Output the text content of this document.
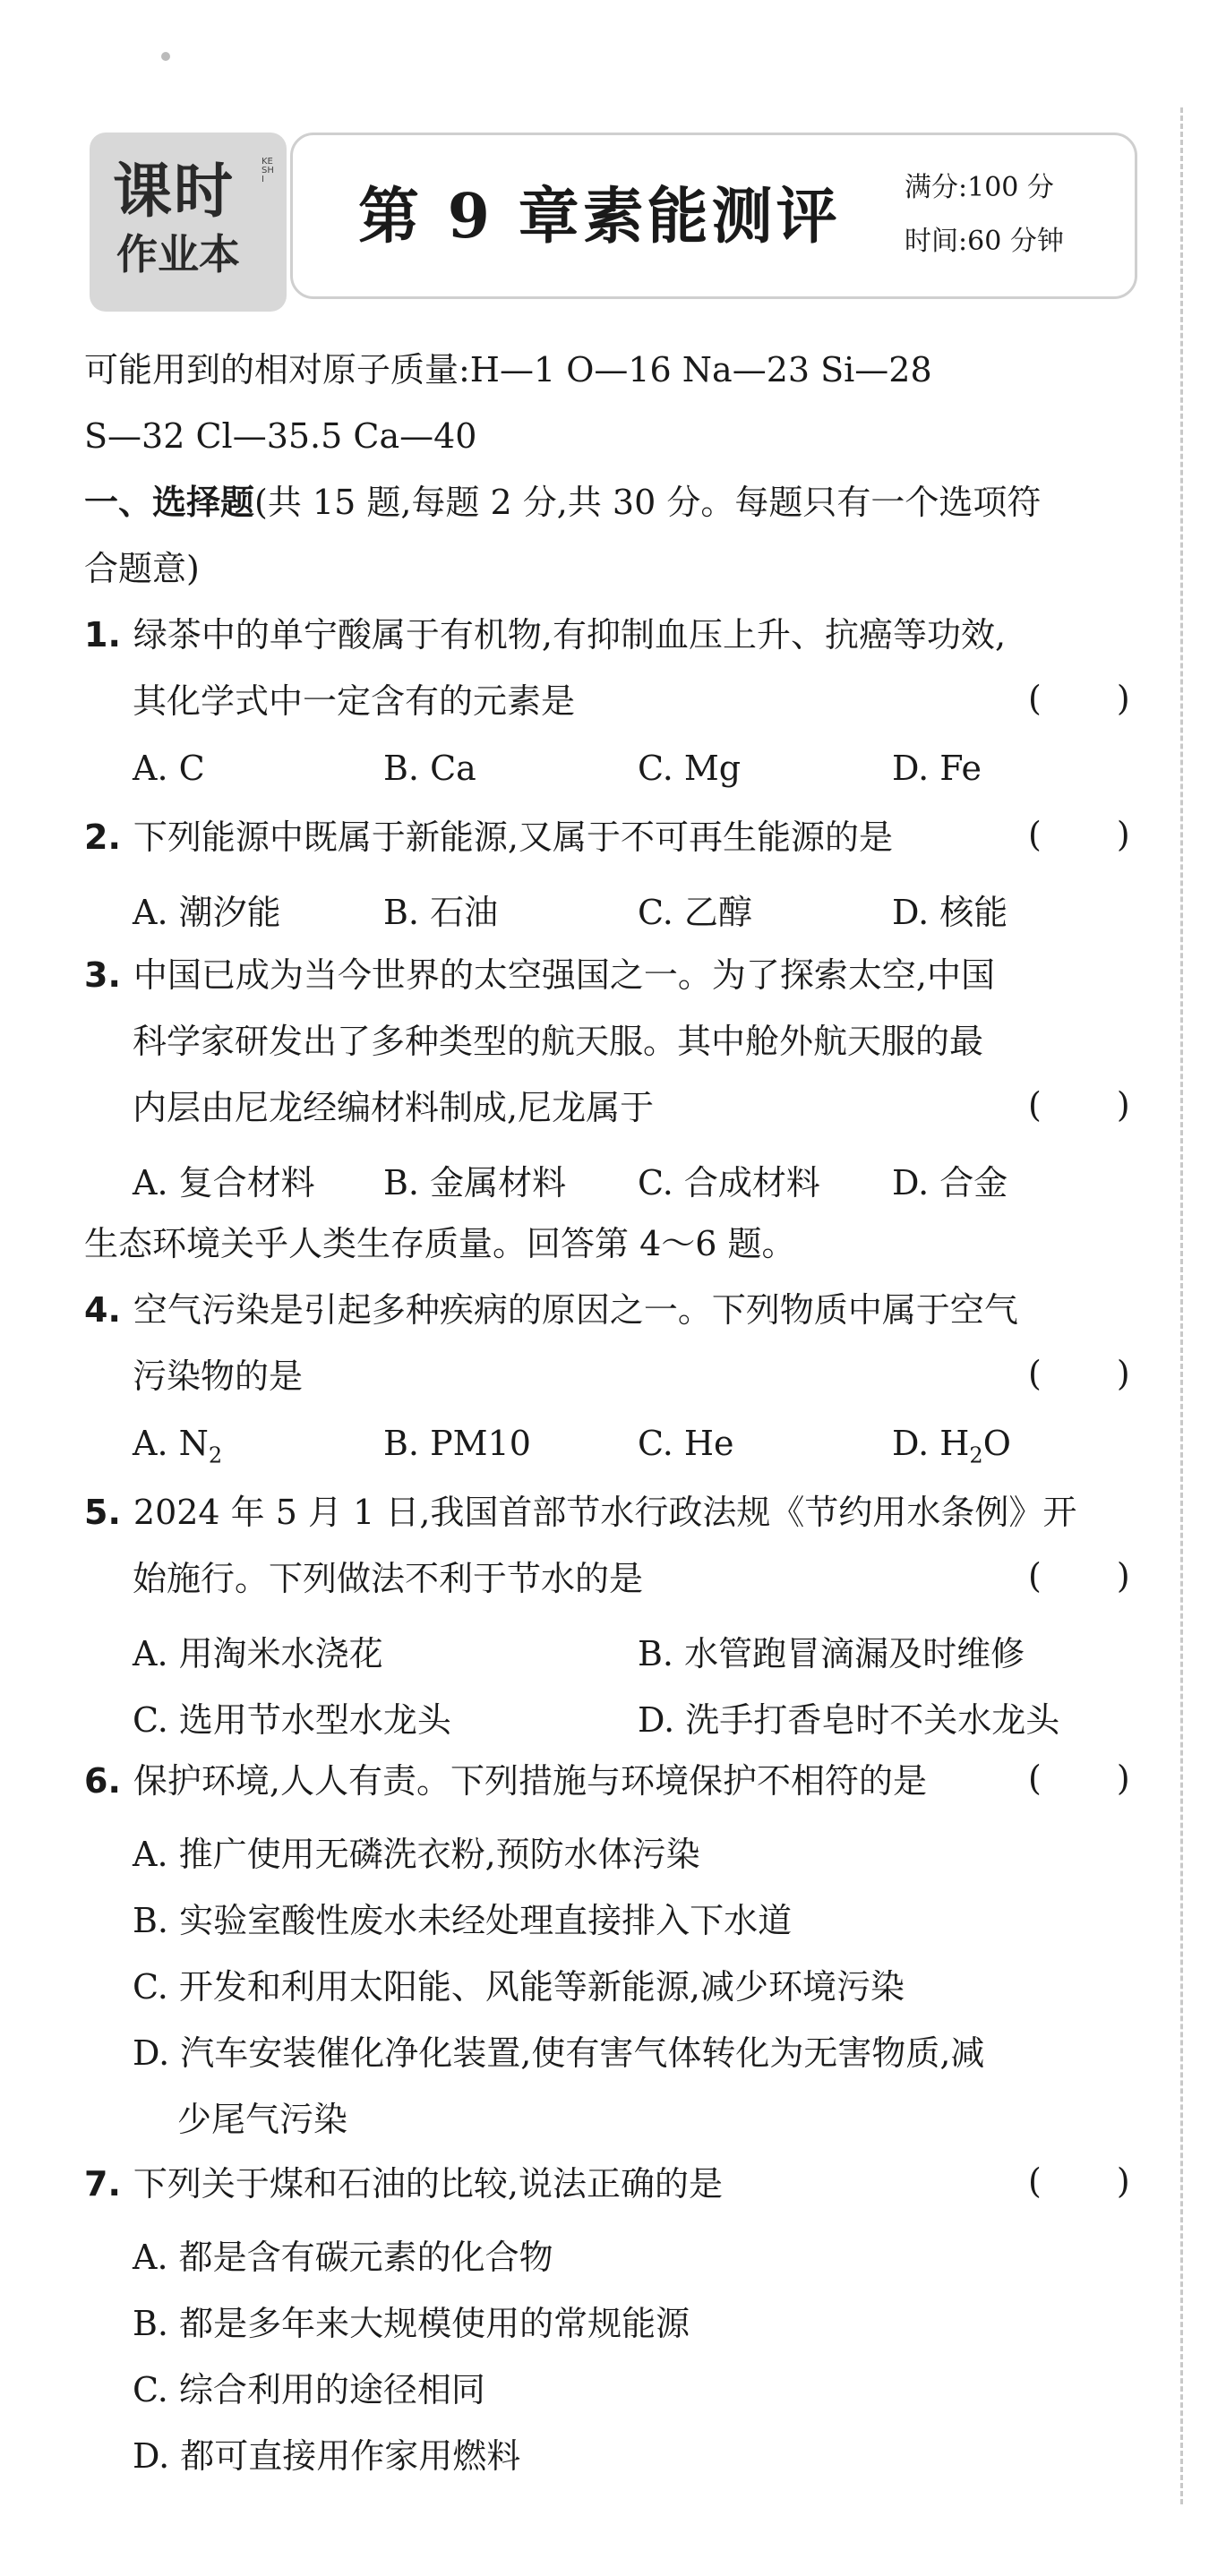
课时	KESHI
作业本
第 9 章素能测评 满分:100 分
时间:60 分钟
可能用到的相对原子质量:H—1 O—16 Na—23 Si—28
S—32 Cl—35.5 Ca—40
一、选择题(共 15 题,每题 2 分,共 30 分。每题只有一个选项符
合题意)
1. 绿茶中的单宁酸属于有机物,有抑制血压上升、抗癌等功效,
其化学式中一定含有的元素是	( )
A. C	B. Ca	C. Mg	D. Fe
2. 下列能源中既属于新能源,又属于不可再生能源的是	( )
A. 潮汐能	B. 石油	C. 乙醇	D. 核能
3. 中国已成为当今世界的太空强国之一。为了探索太空,中国
科学家研发出了多种类型的航天服。其中舱外航天服的最
内层由尼龙经编材料制成,尼龙属于	( )
A. 复合材料 B. 金属材料 C. 合成材料 D. 合金
生态环境关乎人类生存质量。回答第 4～6 题。
4. 空气污染是引起多种疾病的原因之一。下列物质中属于空气
污染物的是	( )
A. $N_2$	B. PM10	C. He	D. $H_2O$
5. 2024 年 5 月 1 日,我国首部节水行政法规《节约用水条例》开
始施行。下列做法不利于节水的是	( )
A. 用淘米水浇花	B. 水管跑冒滴漏及时维修
C. 选用节水型水龙头	D. 洗手打香皂时不关水龙头
6. 保护环境,人人有责。下列措施与环境保护不相符的是	( )
A. 推广使用无磷洗衣粉,预防水体污染
B. 实验室酸性废水未经处理直接排入下水道
C. 开发和利用太阳能、风能等新能源,减少环境污染
D. 汽车安装催化净化装置,使有害气体转化为无害物质,减
少尾气污染
7. 下列关于煤和石油的比较,说法正确的是	( )
A. 都是含有碳元素的化合物
B. 都是多年来大规模使用的常规能源
C. 综合利用的途径相同
D. 都可直接用作家用燃料
